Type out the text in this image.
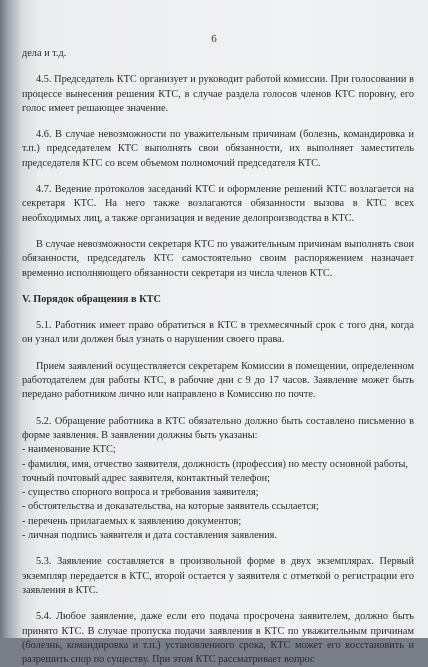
6

дела и т.д.

4.5. Председатель КТС организует и руководит работой комиссии. При голосовании в процессе вынесения решения КТС, в случае раздела голосов членов КТС поровну, его голос имеет решающее значение.

4.6. В случае невозможности по уважительным причинам (болезнь, командировка и т.п.) председателем КТС выполнять свои обязанности, их выполняет заместитель председателя КТС со всем объемом полномочий председателя КТС.

4.7. Ведение протоколов заседаний КТС и оформление решений КТС возлагается на секретаря КТС. На него также возлагаются обязанности вызова в КТС всех необходимых лиц, а также организация и ведение делопроизводства в КТС.

В случае невозможности секретаря КТС по уважительным причинам выполнять свои обязанности, председатель КТС самостоятельно своим распоряжением назначает временно исполняющего обязанности секретаря из числа членов КТС.

V. Порядок обращения в КТС

5.1. Работник имеет право обратиться в КТС в трехмесячный срок с того дня, когда он узнал или должен был узнать о нарушении своего права.

Прием заявлений осуществляется секретарем Комиссии в помещении, определенном работодателем для работы КТС, в рабочие дни с 9 до 17 часов. Заявление может быть передано работником лично или направлено в Комиссию по почте.

5.2. Обращение работника в КТС обязательно должно быть составлено письменно в форме заявления. В заявлении должны быть указаны:

- наименование КТС;
- фамилия, имя, отчество заявителя, должность (профессия) по месту основной работы, точный почтовый адрес заявителя, контактный телефон;
- существо спорного вопроса и требования заявителя;
- обстоятельства и доказательства, на которые заявитель ссылается;
- перечень прилагаемых к заявлению документов;
- личная подпись заявителя и дата составления заявления.

5.3. Заявление составляется в произвольной форме в двух экземплярах. Первый экземпляр передается в КТС, второй остается у заявителя с отметкой о регистрации его заявления в КТС.

5.4. Любое заявление, даже если его подача просрочена заявителем, должно быть принято КТС. В случае пропуска подачи заявления в КТС по уважительным причинам (болезнь, командировка и т.п.) установленного срока, КТС может его восстановить и разрешить спор по существу. При этом КТС рассматривает вопрос
